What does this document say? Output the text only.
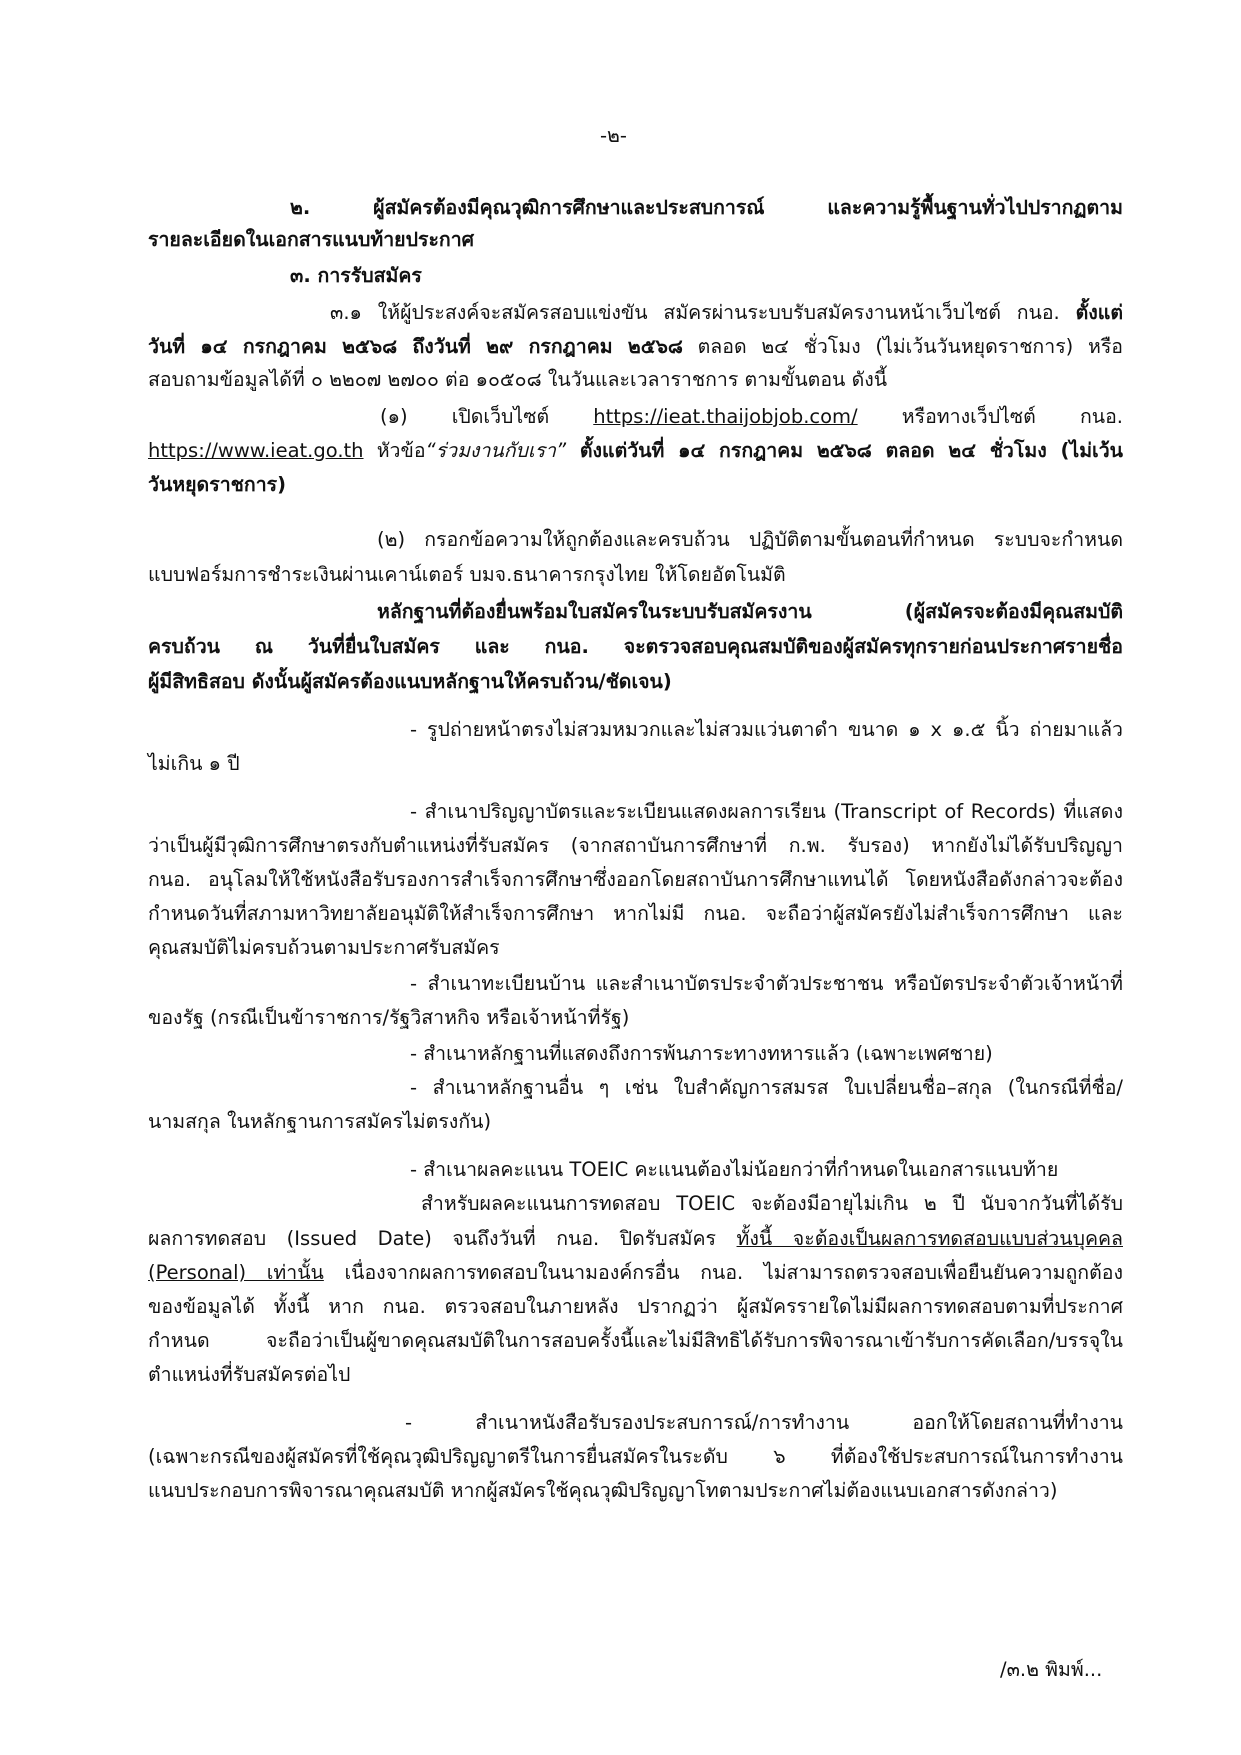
-๒-
๒. ผู้สมัครต้องมีคุณวุฒิการศึกษาและประสบการณ์ และความรู้พื้นฐานทั่วไปปรากฏตาม
รายละเอียดในเอกสารแนบท้ายประกาศ
๓. การรับสมัคร
๓.๑ ให้ผู้ประสงค์จะสมัครสอบแข่งขัน สมัครผ่านระบบรับสมัครงานหน้าเว็บไซต์ กนอ. ตั้งแต่
วันที่ ๑๔ กรกฎาคม ๒๕๖๘ ถึงวันที่ ๒๙ กรกฎาคม ๒๕๖๘ ตลอด ๒๔ ชั่วโมง (ไม่เว้นวันหยุดราชการ) หรือ
สอบถามข้อมูลได้ที่ ๐ ๒๒๐๗ ๒๗๐๐ ต่อ ๑๐๕๐๘ ในวันและเวลาราชการ ตามขั้นตอน ดังนี้
(๑) เปิดเว็บไซต์ https://ieat.thaijobjob.com/ หรือทางเว็ปไซต์ กนอ.
https://www.ieat.go.th หัวข้อ“ร่วมงานกับเรา” ตั้งแต่วันที่ ๑๔ กรกฎาคม ๒๕๖๘ ตลอด ๒๔ ชั่วโมง (ไม่เว้น
วันหยุดราชการ)
(๒) กรอกข้อความให้ถูกต้องและครบถ้วน ปฏิบัติตามขั้นตอนที่กำหนด ระบบจะกำหนด
แบบฟอร์มการชำระเงินผ่านเคาน์เตอร์ บมจ.ธนาคารกรุงไทย ให้โดยอัตโนมัติ
หลักฐานที่ต้องยื่นพร้อมใบสมัครในระบบรับสมัครงาน (ผู้สมัครจะต้องมีคุณสมบัติ
ครบถ้วน ณ วันที่ยื่นใบสมัคร และ กนอ. จะตรวจสอบคุณสมบัติของผู้สมัครทุกรายก่อนประกาศรายชื่อ
ผู้มีสิทธิสอบ ดังนั้นผู้สมัครต้องแนบหลักฐานให้ครบถ้วน/ชัดเจน)
- รูปถ่ายหน้าตรงไม่สวมหมวกและไม่สวมแว่นตาดำ ขนาด ๑ x ๑.๕ นิ้ว ถ่ายมาแล้ว
ไม่เกิน ๑ ปี
- สำเนาปริญญาบัตรและระเบียนแสดงผลการเรียน (Transcript of Records) ที่แสดง
ว่าเป็นผู้มีวุฒิการศึกษาตรงกับตำแหน่งที่รับสมัคร (จากสถาบันการศึกษาที่ ก.พ. รับรอง) หากยังไม่ได้รับปริญญา
กนอ. อนุโลมให้ใช้หนังสือรับรองการสำเร็จการศึกษาซึ่งออกโดยสถาบันการศึกษาแทนได้ โดยหนังสือดังกล่าวจะต้อง
กำหนดวันที่สภามหาวิทยาลัยอนุมัติให้สำเร็จการศึกษา หากไม่มี กนอ. จะถือว่าผู้สมัครยังไม่สำเร็จการศึกษา และ
คุณสมบัติไม่ครบถ้วนตามประกาศรับสมัคร
- สำเนาทะเบียนบ้าน และสำเนาบัตรประจำตัวประชาชน หรือบัตรประจำตัวเจ้าหน้าที่
ของรัฐ (กรณีเป็นข้าราชการ/รัฐวิสาหกิจ หรือเจ้าหน้าที่รัฐ)
- สำเนาหลักฐานที่แสดงถึงการพ้นภาระทางทหารแล้ว (เฉพาะเพศชาย)
- สำเนาหลักฐานอื่น ๆ เช่น ใบสำคัญการสมรส ใบเปลี่ยนชื่อ–สกุล (ในกรณีที่ชื่อ/
นามสกุล ในหลักฐานการสมัครไม่ตรงกัน)
- สำเนาผลคะแนน TOEIC คะแนนต้องไม่น้อยกว่าที่กำหนดในเอกสารแนบท้าย
สำหรับผลคะแนนการทดสอบ TOEIC จะต้องมีอายุไม่เกิน ๒ ปี นับจากวันที่ได้รับ
ผลการทดสอบ (Issued Date) จนถึงวันที่ กนอ. ปิดรับสมัคร ทั้งนี้ จะต้องเป็นผลการทดสอบแบบส่วนบุคคล
(Personal) เท่านั้น เนื่องจากผลการทดสอบในนามองค์กรอื่น กนอ. ไม่สามารถตรวจสอบเพื่อยืนยันความถูกต้อง
ของข้อมูลได้ ทั้งนี้ หาก กนอ. ตรวจสอบในภายหลัง ปรากฏว่า ผู้สมัครรายใดไม่มีผลการทดสอบตามที่ประกาศ
กำหนด จะถือว่าเป็นผู้ขาดคุณสมบัติในการสอบครั้งนี้และไม่มีสิทธิได้รับการพิจารณาเข้ารับการคัดเลือก/บรรจุใน
ตำแหน่งที่รับสมัครต่อไป
- สำเนาหนังสือรับรองประสบการณ์/การทำงาน ออกให้โดยสถานที่ทำงาน
(เฉพาะกรณีของผู้สมัครที่ใช้คุณวุฒิปริญญาตรีในการยื่นสมัครในระดับ ๖ ที่ต้องใช้ประสบการณ์ในการทำงาน
แนบประกอบการพิจารณาคุณสมบัติ หากผู้สมัครใช้คุณวุฒิปริญญาโทตามประกาศไม่ต้องแนบเอกสารดังกล่าว)
/๓.๒ พิมพ์...
